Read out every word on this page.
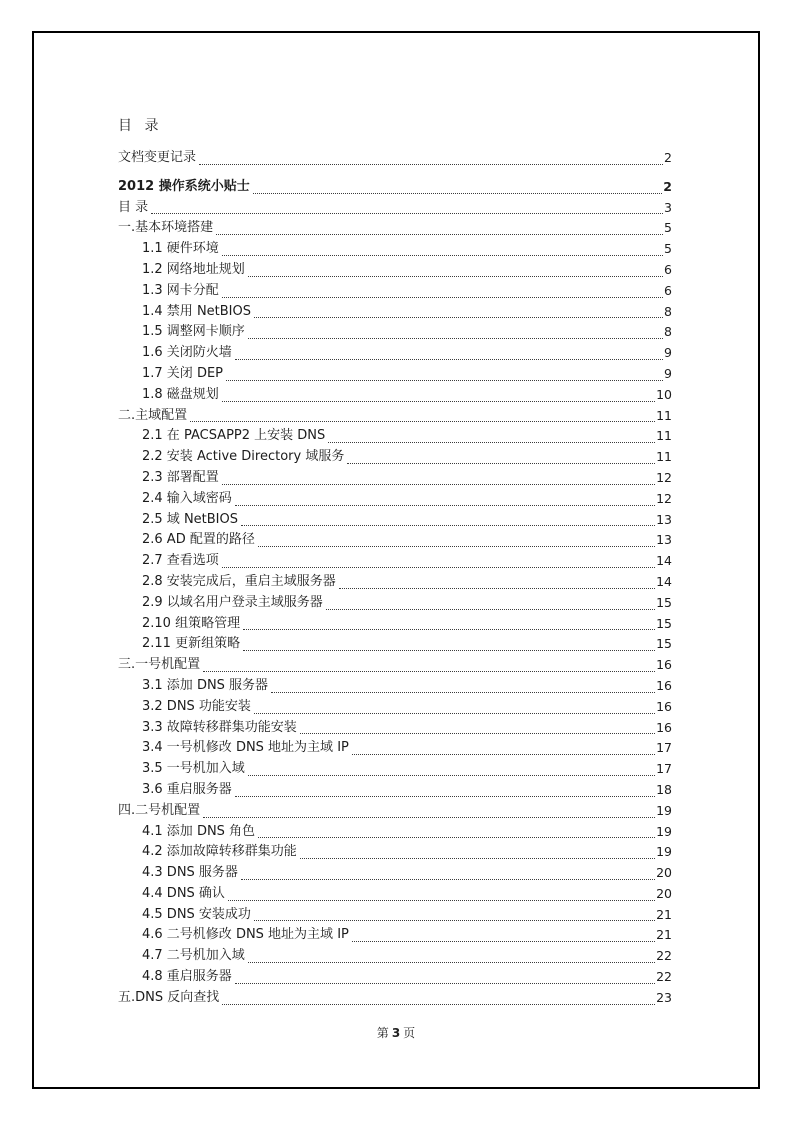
目 录
文档变更记录	2
2012 操作系统小贴士	2
目 录	3
一.基本环境搭建	5
1.1 硬件环境	5
1.2 网络地址规划	6
1.3 网卡分配	6
1.4 禁用 NetBIOS	8
1.5 调整网卡顺序	8
1.6 关闭防火墙	9
1.7 关闭 DEP	9
1.8 磁盘规划	10
二.主域配置	11
2.1 在 PACSAPP2 上安装 DNS	11
2.2 安装 Active Directory 域服务	11
2.3 部署配置	12
2.4 输入域密码	12
2.5 域 NetBIOS	13
2.6 AD 配置的路径	13
2.7 查看选项	14
2.8 安装完成后，重启主域服务器	14
2.9 以域名用户登录主域服务器	15
2.10 组策略管理	15
2.11 更新组策略	15
三.一号机配置	16
3.1 添加 DNS 服务器	16
3.2 DNS 功能安装	16
3.3 故障转移群集功能安装	16
3.4 一号机修改 DNS 地址为主域 IP	17
3.5 一号机加入域	17
3.6 重启服务器	18
四.二号机配置	19
4.1 添加 DNS 角色	19
4.2 添加故障转移群集功能	19
4.3 DNS 服务器	20
4.4 DNS 确认	20
4.5 DNS 安装成功	21
4.6 二号机修改 DNS 地址为主域 IP	21
4.7 二号机加入域	22
4.8 重启服务器	22
五.DNS 反向查找	23
第 3 页
